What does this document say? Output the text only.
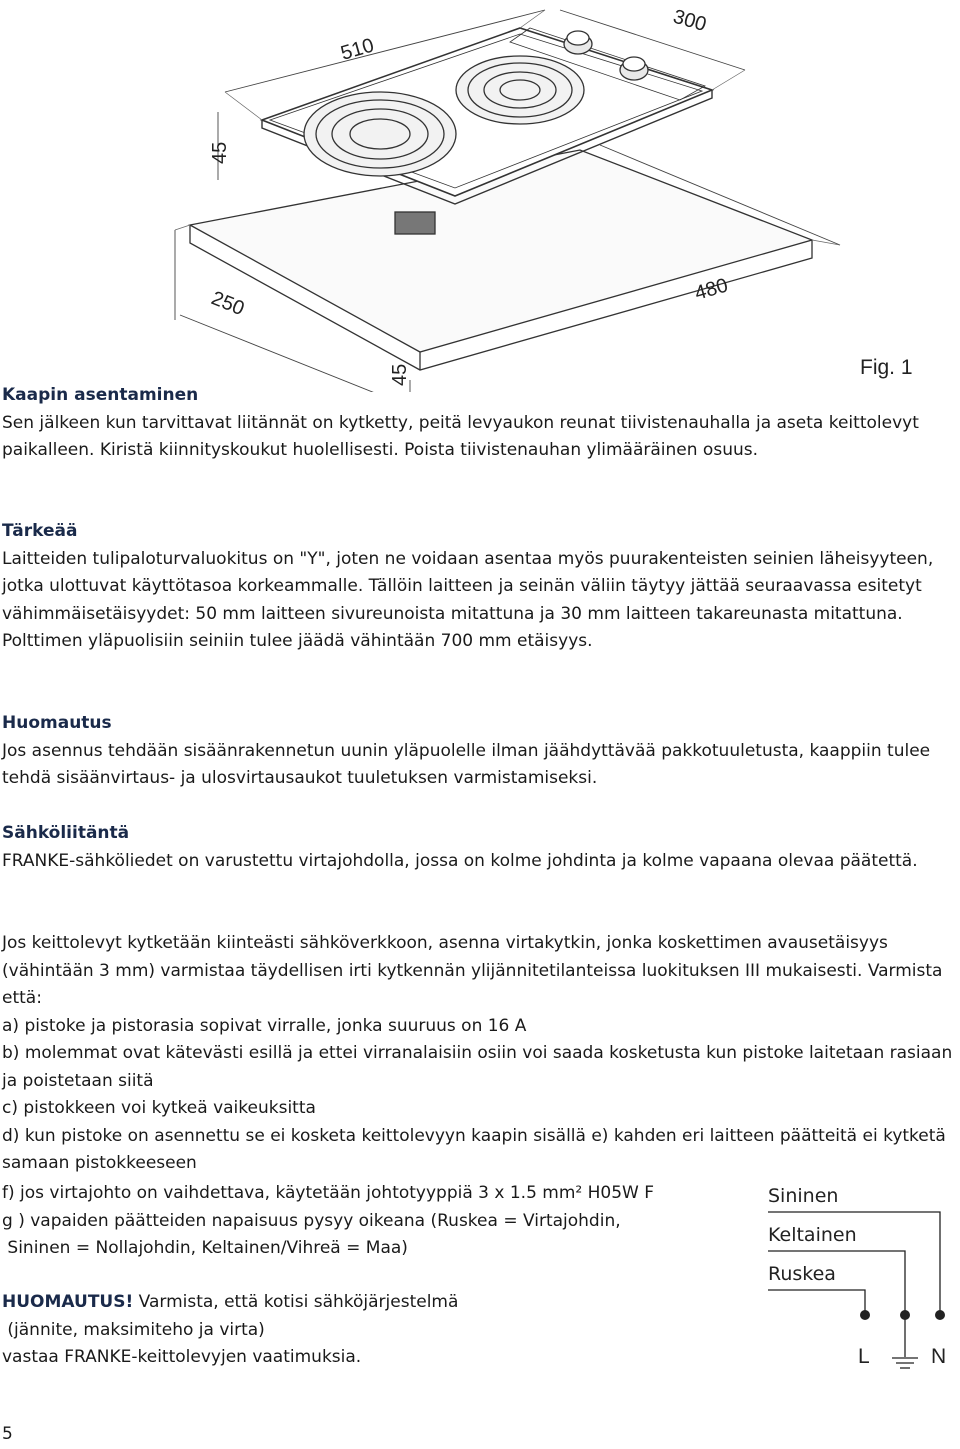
510
300
45
250	480
45	Fig. 1
Kaapin asentaminen

Sen jälkeen kun tarvittavat liitännät on kytketty, peitä levyaukon reunat tiivistenauhalla ja aseta keittolevyt paikalleen. Kiristä kiinnityskoukut huolellisesti. Poista tiivistenauhan ylimääräinen osuus.

Tärkeää

Laitteiden tulipaloturvaluokitus on "Y", joten ne voidaan asentaa myös puurakenteisten seinien läheisyyteen, jotka ulottuvat käyttötasoa korkeammalle. Tällöin laitteen ja seinän väliin täytyy jättää seuraavassa esitetyt vähimmäisetäisyydet: 50 mm laitteen sivureunoista mitattuna ja 30 mm laitteen takareunasta mitattuna. Polttimen yläpuolisiin seiniin tulee jäädä vähintään 700 mm etäisyys.

Huomautus

Jos asennus tehdään sisäänrakennetun uunin yläpuolelle ilman jäähdyttävää pakkotuuletusta, kaappiin tulee tehdä sisäänvirtaus- ja ulosvirtausaukot tuuletuksen varmistamiseksi.

Sähköliitäntä

FRANKE-sähköliedet on varustettu virtajohdolla, jossa on kolme johdinta ja kolme vapaana olevaa päätettä.

Jos keittolevyt kytketään kiinteästi sähköverkkoon, asenna virtakytkin, jonka koskettimen avausetäisyys (vähintään 3 mm) varmistaa täydellisen irti kytkennän ylijännitetilanteissa luokituksen III mukaisesti. Varmista että:

a) pistoke ja pistorasia sopivat virralle, jonka suuruus on 16 A

b) molemmat ovat kätevästi esillä ja ettei virranalaisiin osiin voi saada kosketusta kun pistoke laitetaan rasiaan ja poistetaan siitä

c) pistokkeen voi kytkeä vaikeuksitta

d) kun pistoke on asennettu se ei kosketa keittolevyyn kaapin sisällä e) kahden eri laitteen päätteitä ei kytketä samaan pistokkeeseen

f) jos virtajohto on vaihdettava, käytetään johtotyyppiä 3 x 1.5 mm² H05W F

g ) vapaiden päätteiden napaisuus pysyy oikeana (Ruskea = Virtajohdin,

Sininen = Nollajohdin, Keltainen/Vihreä = Maa)

HUOMAUTUS! Varmista, että kotisi sähköjärjestelmä
(jännite, maksimiteho ja virta)
vastaa FRANKE-keittolevyjen vaatimuksia.
Sininen
Keltainen
Ruskea
L	N
5
